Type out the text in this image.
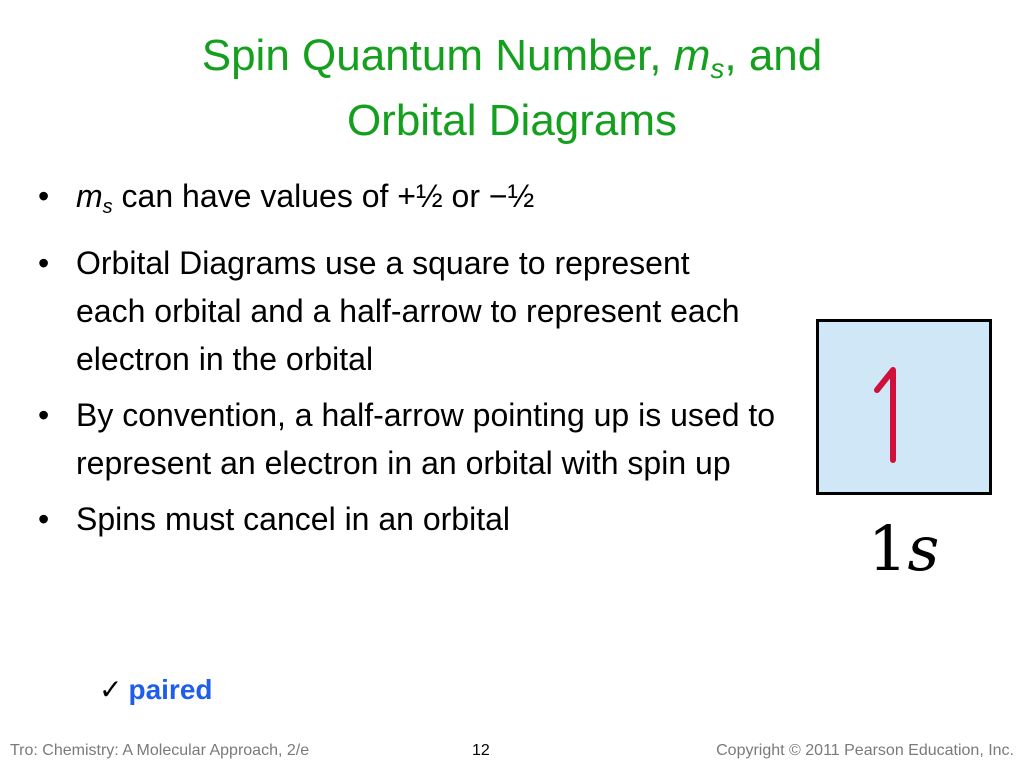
Spin Quantum Number, $m_s$, and
Orbital Diagrams
• $m_s$ can have values of +½ or −½
• Orbital Diagrams use a square to represent each orbital and a half-arrow to represent each electron in the orbital
• By convention, a half-arrow pointing up is used to represent an electron in an orbital with spin up
• Spins must cancel in an orbital
✓ paired
1s
Tro: Chemistry: A Molecular Approach, 2/e	12	Copyright © 2011 Pearson Education, Inc.
